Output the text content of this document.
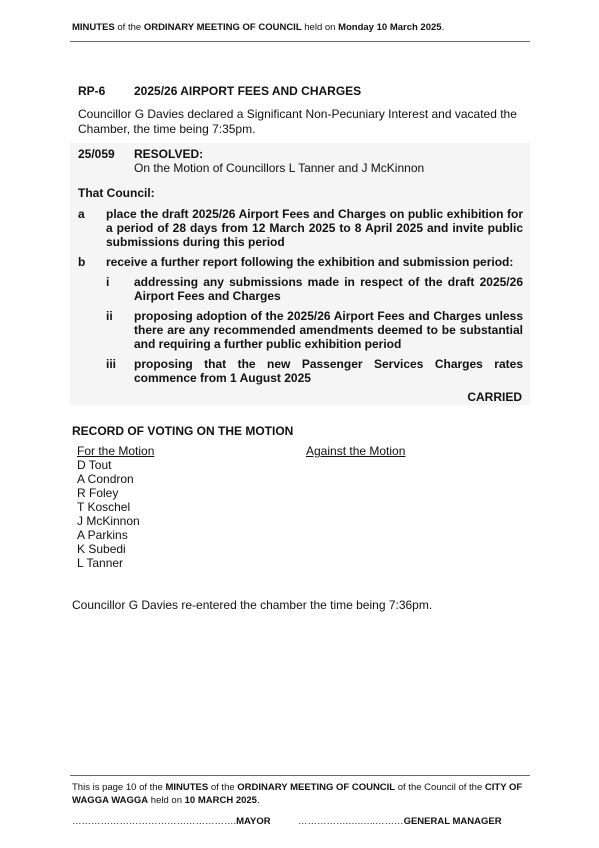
MINUTES of the ORDINARY MEETING OF COUNCIL held on Monday 10 March 2025.
RP-6 2025/26 AIRPORT FEES AND CHARGES
Councillor G Davies declared a Significant Non-Pecuniary Interest and vacated the Chamber, the time being 7:35pm.
25/059 RESOLVED:
On the Motion of Councillors L Tanner and J McKinnon
That Council:
a place the draft 2025/26 Airport Fees and Charges on public exhibition for a period of 28 days from 12 March 2025 to 8 April 2025 and invite public submissions during this period
b receive a further report following the exhibition and submission period:
i addressing any submissions made in respect of the draft 2025/26 Airport Fees and Charges
ii proposing adoption of the 2025/26 Airport Fees and Charges unless there are any recommended amendments deemed to be substantial and requiring a further public exhibition period
iii proposing that the new Passenger Services Charges rates commence from 1 August 2025
CARRIED
RECORD OF VOTING ON THE MOTION
For the Motion	Against the Motion
D Tout
A Condron
R Foley
T Koschel
J McKinnon
A Parkins
K Subedi
L Tanner
Councillor G Davies re-entered the chamber the time being 7:36pm.
This is page 10 of the MINUTES of the ORDINARY MEETING OF COUNCIL of the Council of the CITY OF WAGGA WAGGA held on 10 MARCH 2025.
…………………………………………….MAYOR	…………….….…..………GENERAL MANAGER
